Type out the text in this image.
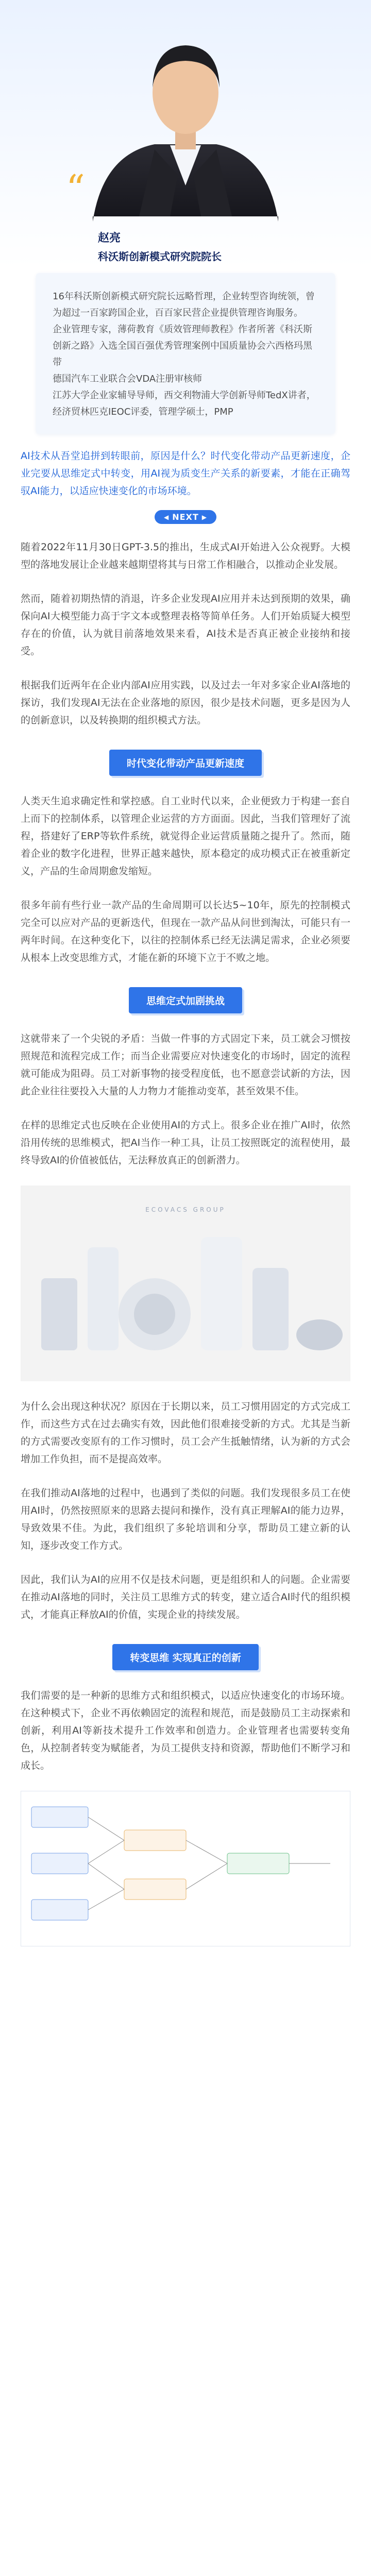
“

赵亮

科沃斯创新模式研究院院长

16年科沃斯创新模式研究院长远略哲理，企业转型咨询统领，曾为超过一百家跨国企业，百百家民营企业提供管理咨询服务。

企业管理专家，薄荷教育《质效管理师教程》作者所著《科沃斯创新之路》入选全国百强优秀管理案例中国质量协会六西格玛黑带

德国汽车工业联合会VDA注册审核师

江苏大学企业家辅导导师，西交利物浦大学创新导师TedX讲者，经济贸林匹克IEOC评委，管理学硕士，PMP

AI技术从吾堂追拼到转眼前，原因是什么？时代变化带动产品更新速度，企业完要从思维定式中转变，用AI视为质变生产关系的新要素，才能在正确驾驭AI能力，以适应快速变化的市场环境。

◀ NEXT ▶

随着2022年11月30日GPT-3.5的推出，生成式AI开始进入公众视野。大模型的落地发展让企业越来越期望将其与日常工作相融合，以推动企业发展。

然而，随着初期热情的消退，许多企业发现AI应用并未达到预期的效果，确保向AI大模型能力高于字文本或整理表格等简单任务。人们开始质疑大模型存在的价值，认为就目前落地效果来看，AI技术是否真正被企业接纳和接受。

根据我们近两年在企业内部AI应用实践，以及过去一年对多家企业AI落地的探访，我们发现AI无法在企业落地的原因，很少是技术问题，更多是因为人的创新意识，以及转换期的组织模式方法。

时代变化带动产品更新速度

人类天生追求确定性和掌控感。自工业时代以来，企业便致力于构建一套自上而下的控制体系，以管理企业运营的方方面面。因此，当我们管理好了流程，搭建好了ERP等软件系统，就觉得企业运营质量随之提升了。然而，随着企业的数字化进程，世界正越来越快，原本稳定的成功模式正在被重新定义，产品的生命周期愈发缩短。

很多年前有些行业一款产品的生命周期可以长达5~10年，原先的控制模式完全可以应对产品的更新迭代，但现在一款产品从问世到淘汰，可能只有一两年时间。在这种变化下，以往的控制体系已经无法满足需求，企业必须要从根本上改变思维方式，才能在新的环境下立于不败之地。

思维定式加剧挑战

这就带来了一个尖锐的矛盾：当做一件事的方式固定下来，员工就会习惯按照规范和流程完成工作；而当企业需要应对快速变化的市场时，固定的流程就可能成为阻碍。员工对新事物的接受程度低，也不愿意尝试新的方法，因此企业往往要投入大量的人力物力才能推动变革，甚至效果不佳。

在样的思维定式也反映在企业使用AI的方式上。很多企业在推广AI时，依然沿用传统的思维模式，把AI当作一种工具，让员工按照既定的流程使用，最终导致AI的价值被低估，无法释放真正的创新潜力。

ECOVACS GROUP

为什么会出现这种状况？原因在于长期以来，员工习惯用固定的方式完成工作，而这些方式在过去确实有效，因此他们很难接受新的方式。尤其是当新的方式需要改变原有的工作习惯时，员工会产生抵触情绪，认为新的方式会增加工作负担，而不是提高效率。

在我们推动AI落地的过程中，也遇到了类似的问题。我们发现很多员工在使用AI时，仍然按照原来的思路去提问和操作，没有真正理解AI的能力边界，导致效果不佳。为此，我们组织了多轮培训和分享，帮助员工建立新的认知，逐步改变工作方式。

因此，我们认为AI的应用不仅是技术问题，更是组织和人的问题。企业需要在推动AI落地的同时，关注员工思维方式的转变，建立适合AI时代的组织模式，才能真正释放AI的价值，实现企业的持续发展。

转变思维 实现真正的创新

我们需要的是一种新的思维方式和组织模式，以适应快速变化的市场环境。在这种模式下，企业不再依赖固定的流程和规范，而是鼓励员工主动探索和创新，利用AI等新技术提升工作效率和创造力。企业管理者也需要转变角色，从控制者转变为赋能者，为员工提供支持和资源，帮助他们不断学习和成长。
